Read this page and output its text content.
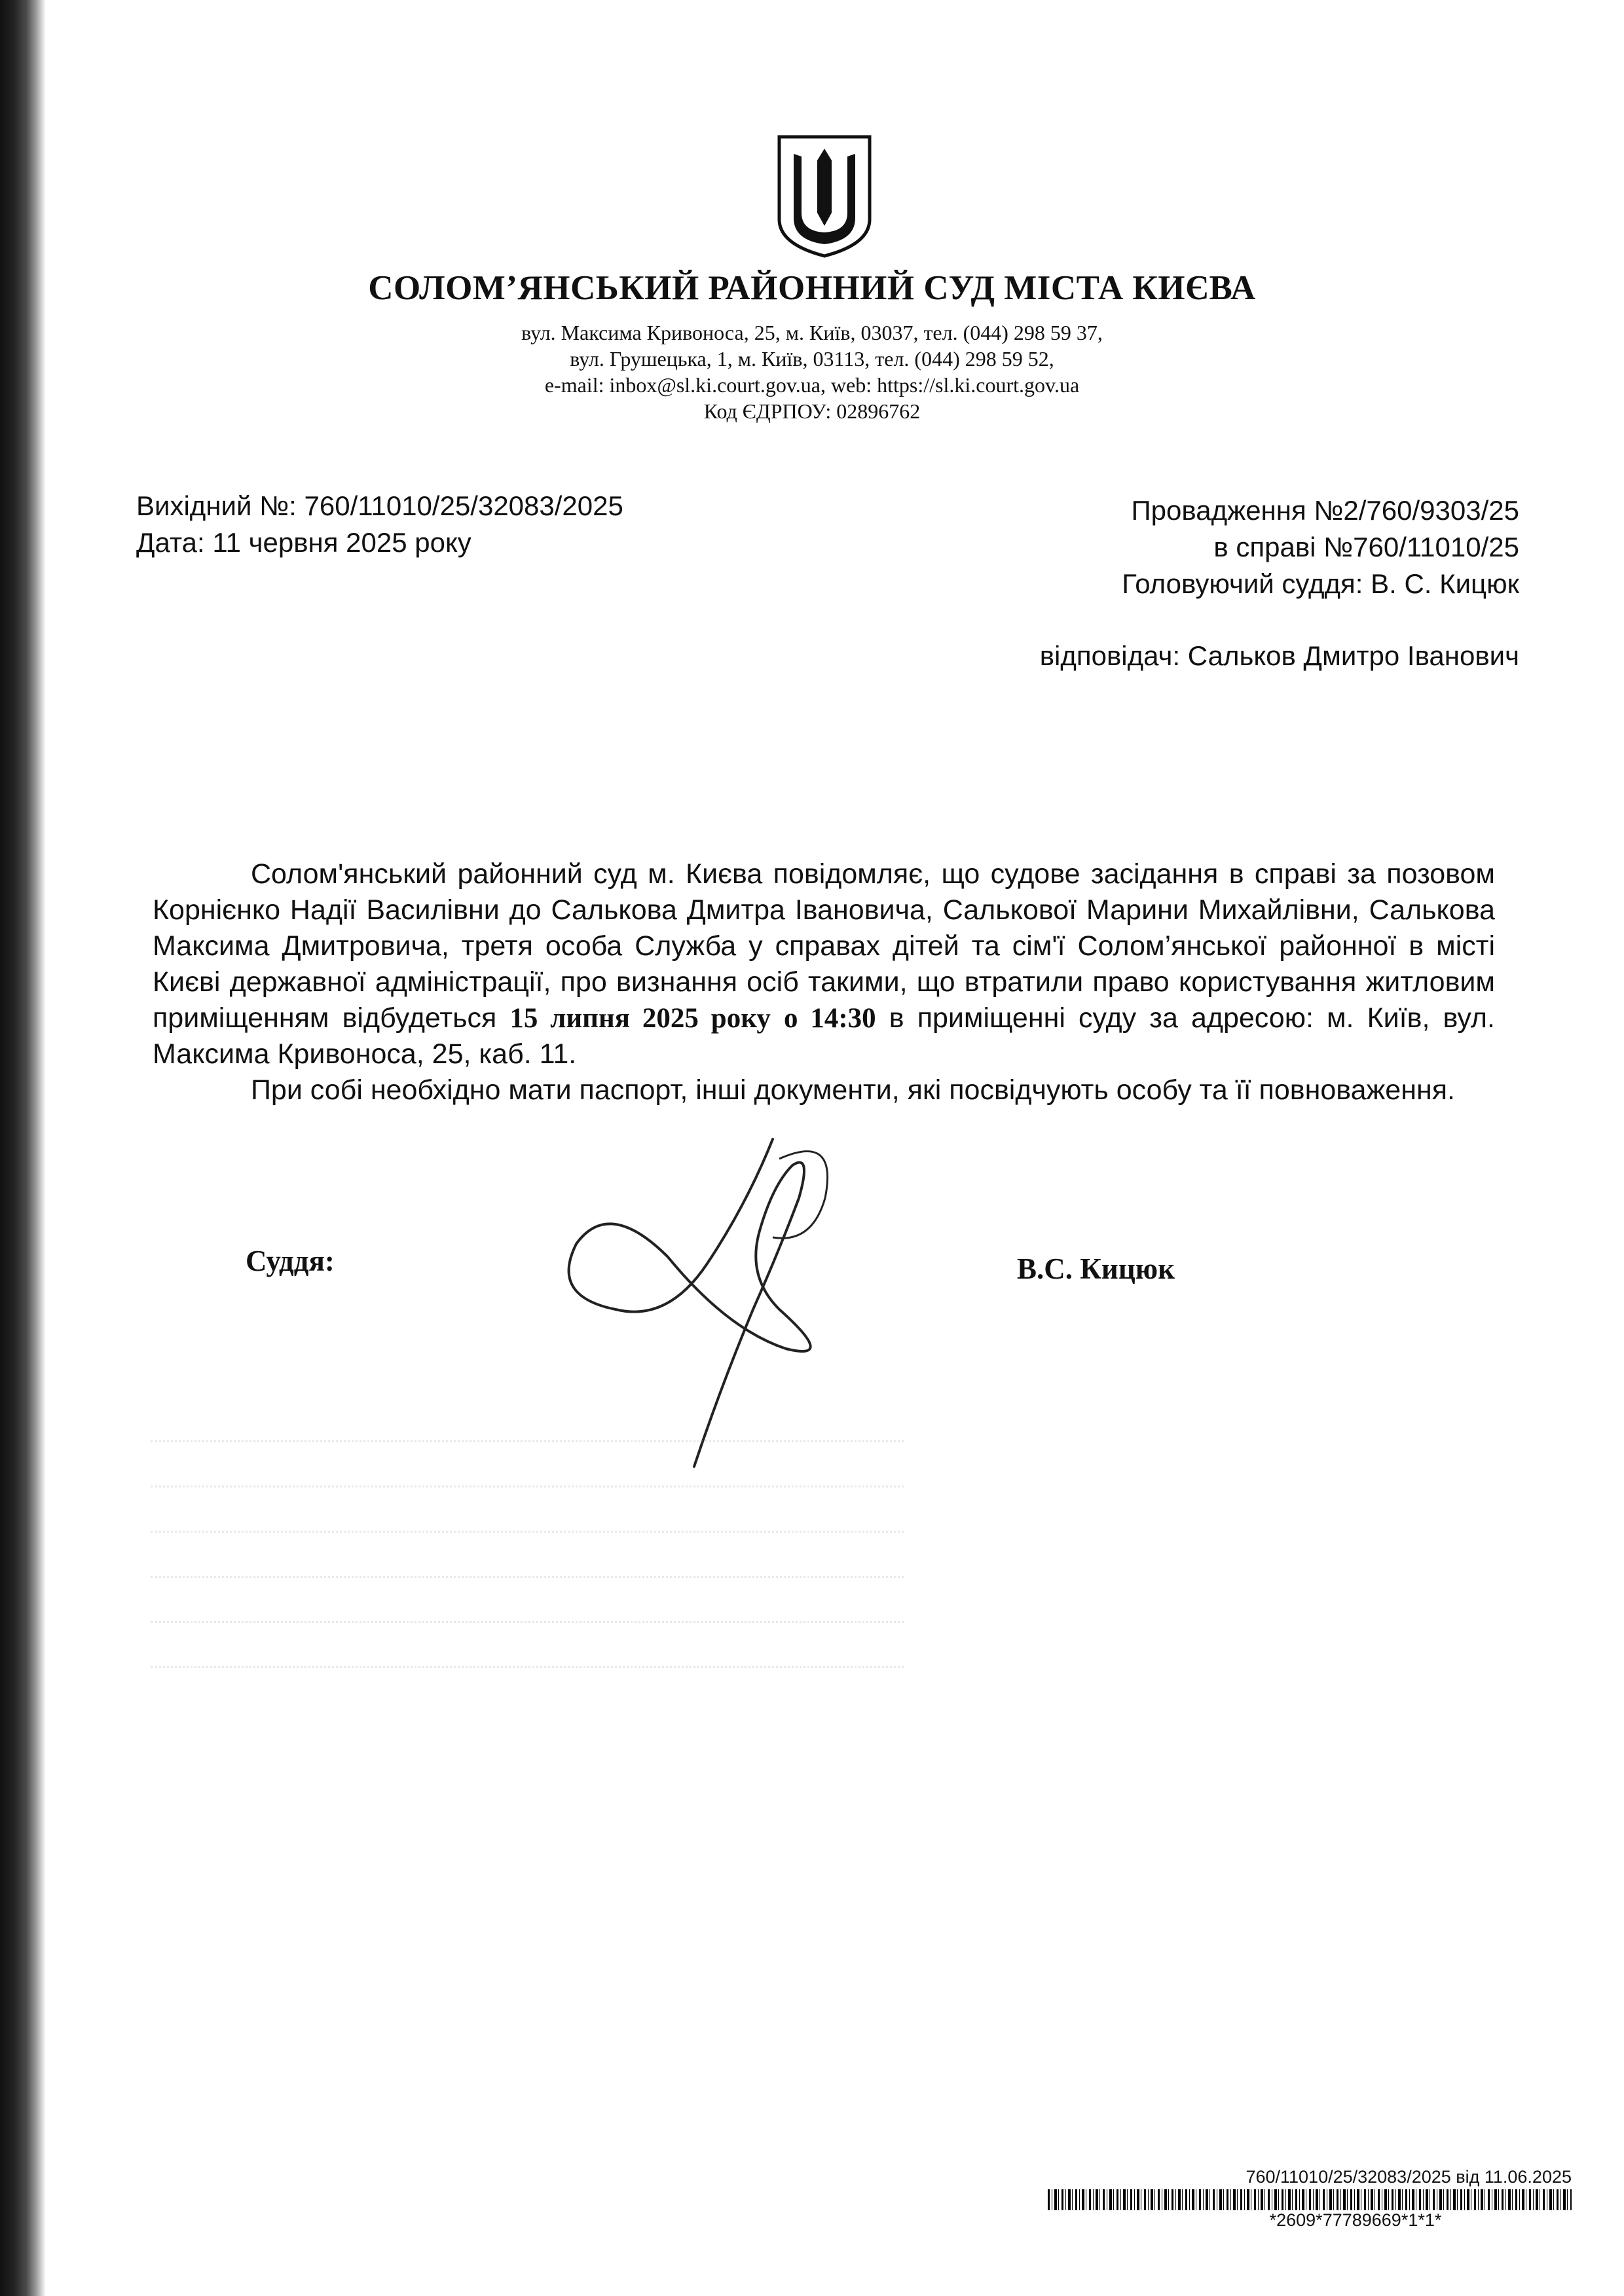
СОЛОМ’ЯНСЬКИЙ РАЙОННИЙ СУД МІСТА КИЄВА
вул. Максима Кривоноса, 25, м. Київ, 03037, тел. (044) 298 59 37,
вул. Грушецька, 1, м. Київ, 03113, тел. (044) 298 59 52,
e-mail: inbox@sl.ki.court.gov.ua, web: https://sl.ki.court.gov.ua
Код ЄДРПОУ: 02896762
Вихідний №: 760/11010/25/32083/2025
Дата: 11 червня 2025 року
Провадження №2/760/9303/25
в справі №760/11010/25
Головуючий суддя: В. С. Кицюк
відповідач: Сальков Дмитро Іванович

Солом'янський районний суд м. Києва повідомляє, що судове засідання в справі за позовом Корнієнко Надії Василівни до Салькова Дмитра Івановича, Салькової Марини Михайлівни, Салькова Максима Дмитровича, третя особа Служба у справах дітей та сім'ї Солом’янської районної в місті Києві державної адміністрації, про визнання осіб такими, що втратили право користування житловим приміщенням відбудеться 15 липня 2025 року о 14:30 в приміщенні суду за адресою: м. Київ, вул. Максима Кривоноса, 25, каб. 11.

При собі необхідно мати паспорт, інші документи, які посвідчують особу та її повноваження.

Суддя:	В.С. Кицюк
760/11010/25/32083/2025 від 11.06.2025
*2609*77789669*1*1*
